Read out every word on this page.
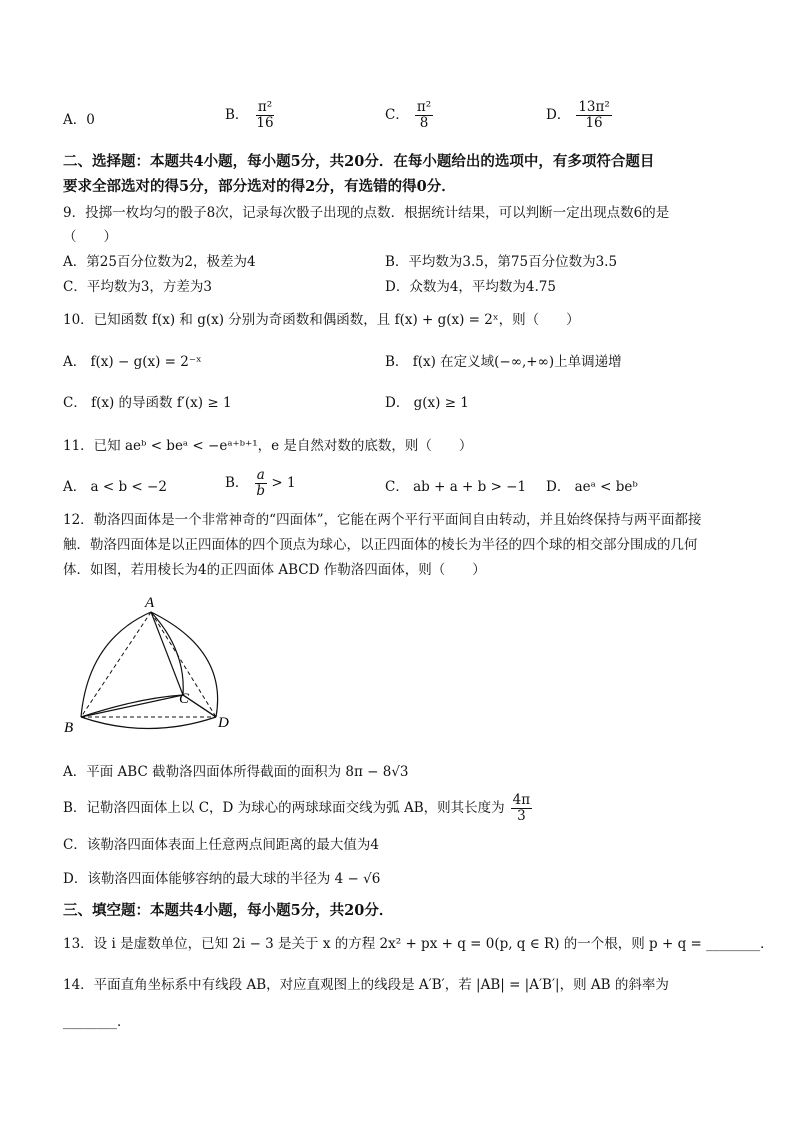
A．0	B． $\frac{\text{π²}}{16}$	C． $\frac{\text{π²}}{8}$	D． $\frac{\text{13π²}}{16}$
二、选择题：本题共4小题，每小题5分，共20分．在每小题给出的选项中，有多项符合题目
要求全部选对的得5分，部分选对的得2分，有选错的得0分．
9．投掷一枚均匀的骰子8次，记录每次骰子出现的点数．根据统计结果，可以判断一定出现点数6的是
（　　）
A．第25百分位数为2，极差为4	B．平均数为3.5，第75百分位数为3.5
C．平均数为3，方差为3	D．众数为4，平均数为4.75
10．已知函数 f(x) 和 g(x) 分别为奇函数和偶函数，且 f(x) + g(x) = 2ˣ，则（　　）
A． f(x) − g(x) = 2⁻ˣ	B． f(x) 在定义域(−∞,+∞)上单调递增
C． f(x) 的导函数 f′(x) ≥ 1	D． g(x) ≥ 1
11．已知 aeᵇ < beᵃ < −eᵃ⁺ᵇ⁺¹，e 是自然对数的底数，则（　　）
A． a < b < −2	B． $\frac{a}{b} > 1$	C． ab + a + b > −1 D． aeᵃ < beᵇ
12．勒洛四面体是一个非常神奇的“四面体”，它能在两个平行平面间自由转动，并且始终保持与两平面都接
触．勒洛四面体是以正四面体的四个顶点为球心，以正四面体的棱长为半径的四个球的相交部分围成的几何
体．如图，若用棱长为4的正四面体 ABCD 作勒洛四面体，则（　　）
A
B
C
D
A．平面 ABC 截勒洛四面体所得截面的面积为 8π − 8√3
B．记勒洛四面体上以 C，D 为球心的两球球面交线为弧 AB，则其长度为 $\frac{4\pi}{3}$
C．该勒洛四面体表面上任意两点间距离的最大值为4
D．该勒洛四面体能够容纳的最大球的半径为 4 − √6
三、填空题：本题共4小题，每小题5分，共20分．
13．设 i 是虚数单位，已知 2i − 3 是关于 x 的方程 2x² + px + q = 0(p, q ∈ R) 的一个根，则 p + q = ________．
14．平面直角坐标系中有线段 AB，对应直观图上的线段是 A′B′，若 |AB| = |A′B′|，则 AB 的斜率为
________．
